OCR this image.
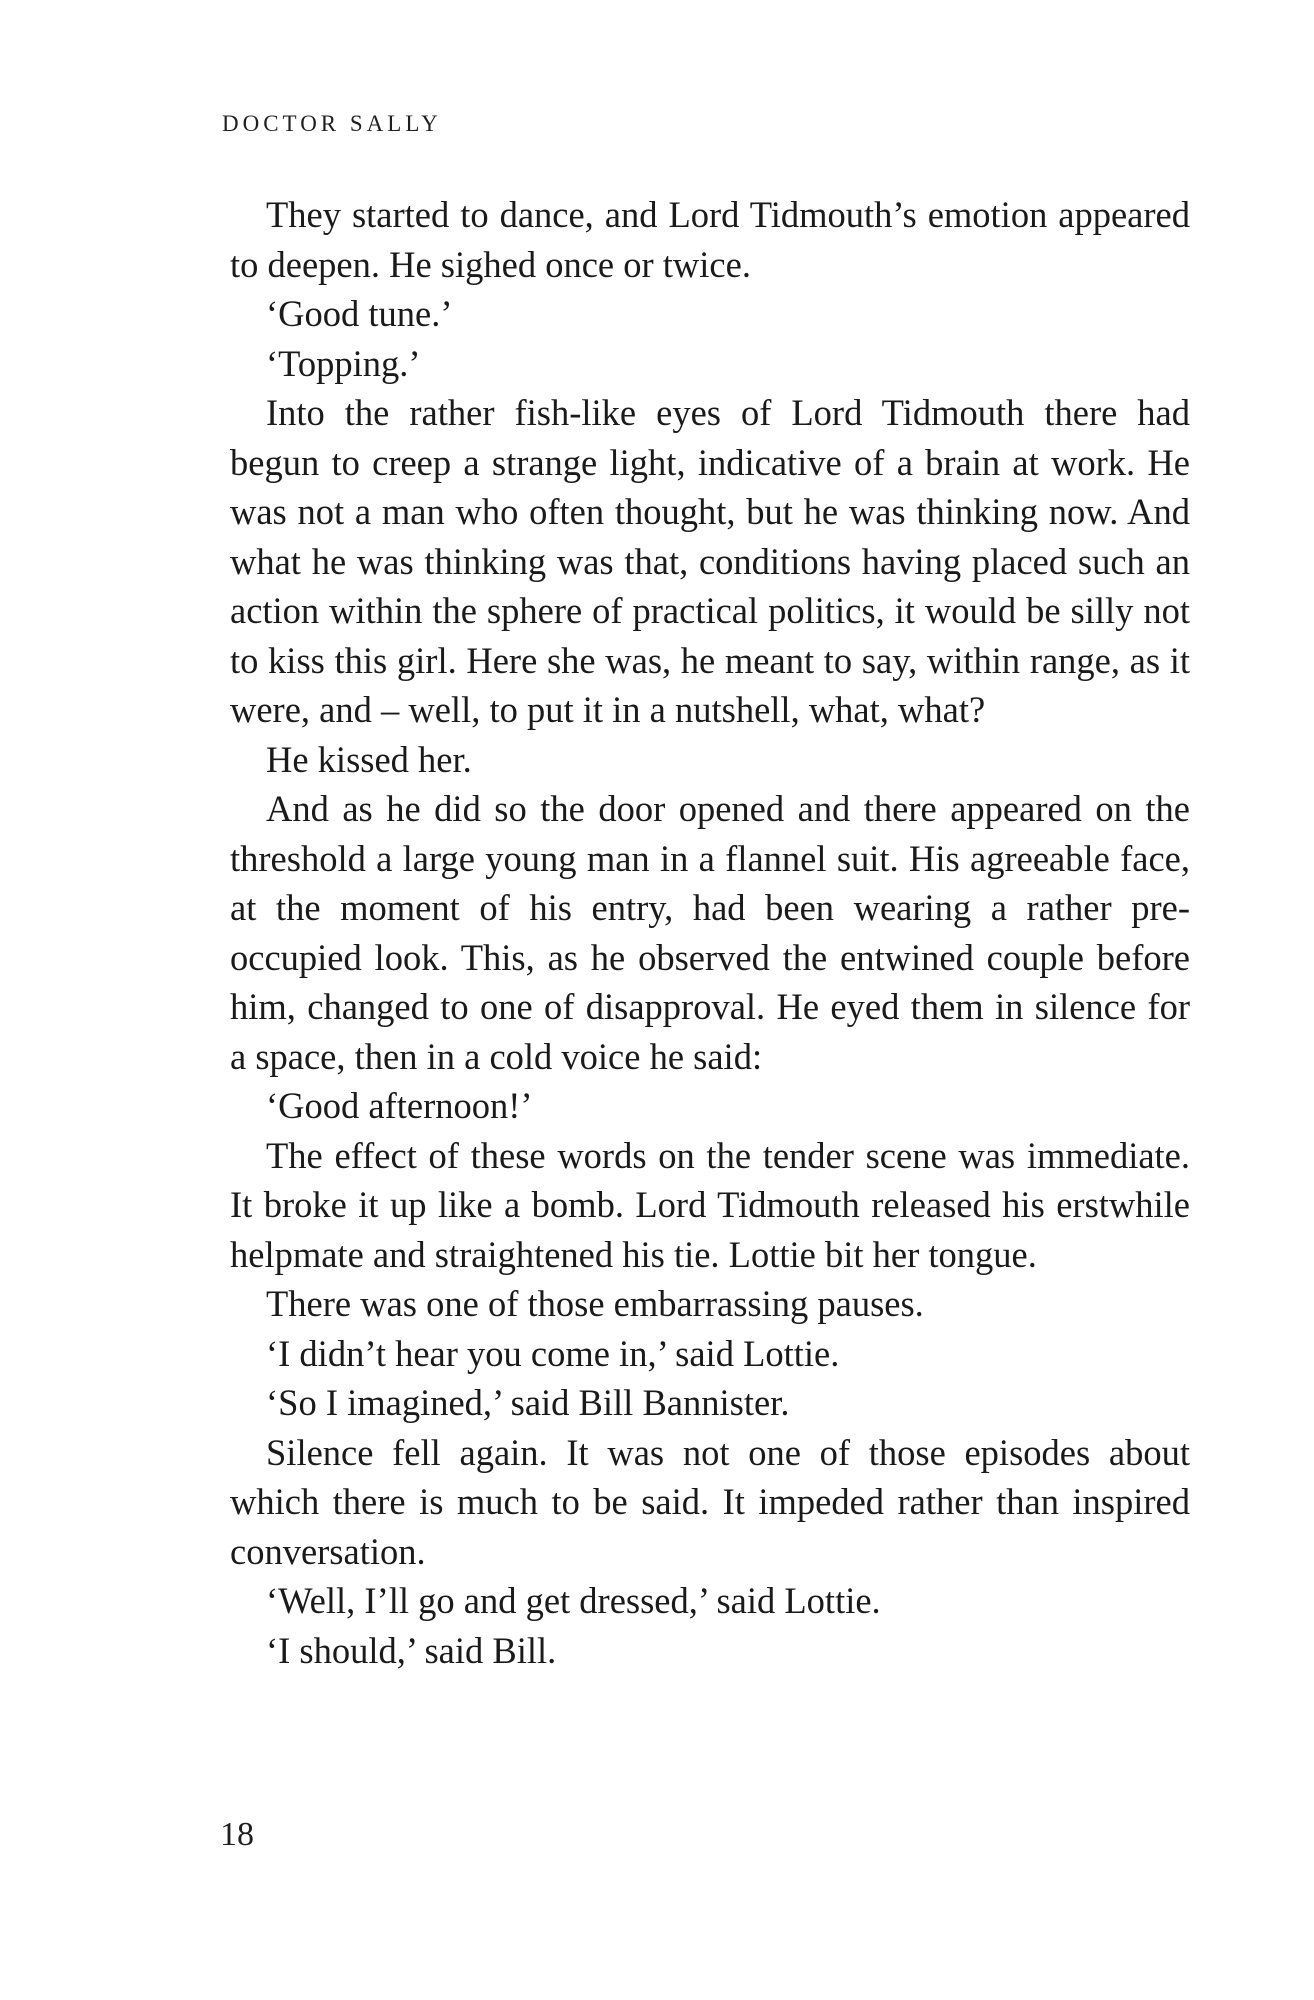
DOCTOR SALLY

They started to dance, and Lord Tidmouth’s emotion appeared to deepen. He sighed once or twice.

‘Good tune.’

‘Topping.’

Into the rather fish-like eyes of Lord Tidmouth there had begun to creep a strange light, indicative of a brain at work. He was not a man who often thought, but he was thinking now. And what he was thinking was that, conditions having placed such an action within the sphere of practical politics, it would be silly not to kiss this girl. Here she was, he meant to say, within range, as it were, and – well, to put it in a nutshell, what, what?

He kissed her.

And as he did so the door opened and there appeared on the threshold a large young man in a flannel suit. His agreeable face, at the moment of his entry, had been wearing a rather pre-occupied look. This, as he observed the entwined couple before him, changed to one of disapproval. He eyed them in silence for a space, then in a cold voice he said:

‘Good afternoon!’

The effect of these words on the tender scene was immediate. It broke it up like a bomb. Lord Tidmouth released his erstwhile helpmate and straightened his tie. Lottie bit her tongue.

There was one of those embarrassing pauses.

‘I didn’t hear you come in,’ said Lottie.

‘So I imagined,’ said Bill Bannister.

Silence fell again. It was not one of those episodes about which there is much to be said. It impeded rather than inspired conversation.

‘Well, I’ll go and get dressed,’ said Lottie.

‘I should,’ said Bill.

18
